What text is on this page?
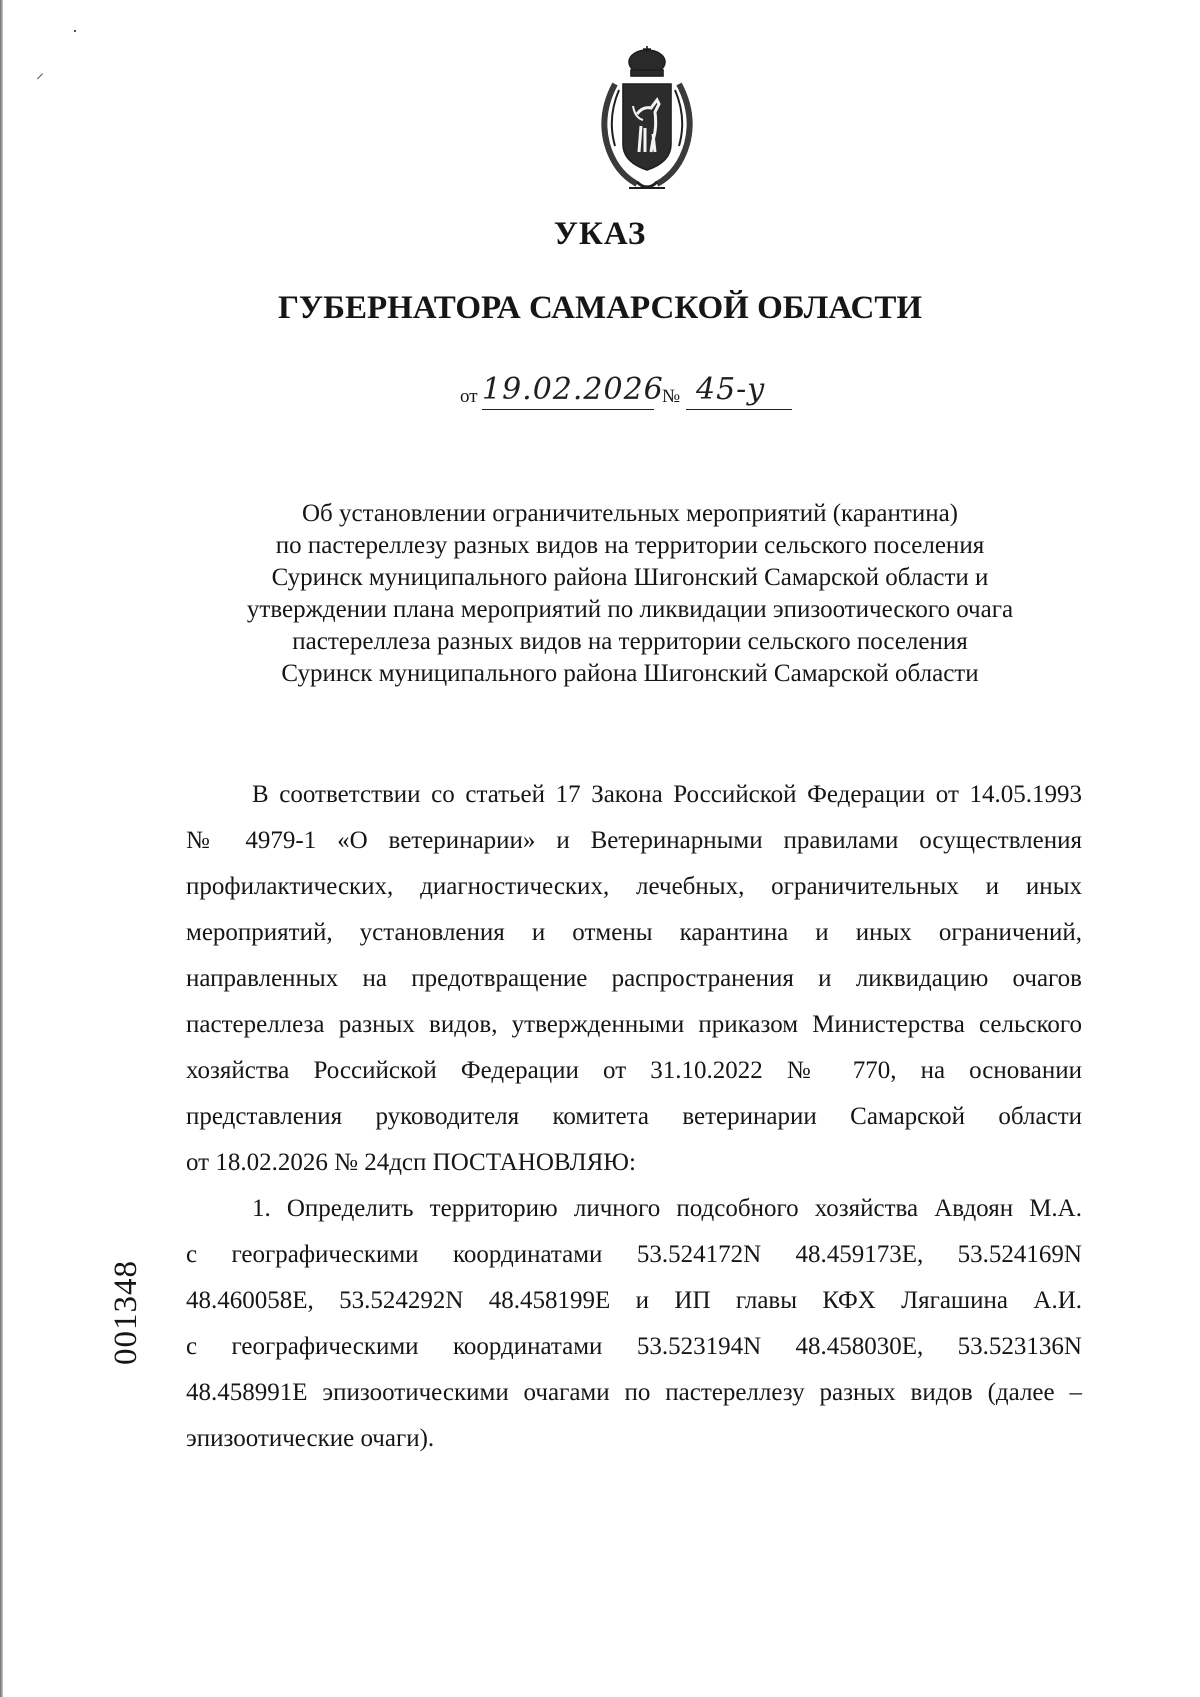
·
⸝
УКАЗ
ГУБЕРНАТОРА САМАРСКОЙ ОБЛАСТИ
от 19.02.2026
№ 45-у
Об установлении ограничительных мероприятий (карантина)
по пастереллезу разных видов на территории сельского поселения
Суринск муниципального района Шигонский Самарской области и
утверждении плана мероприятий по ликвидации эпизоотического очага
пастереллеза разных видов на территории сельского поселения
Суринск муниципального района Шигонский Самарской области
В соответствии со статьей 17 Закона Российской Федерации от 14.05.1993
№ 4979-1 «О ветеринарии» и Ветеринарными правилами осуществления
профилактических, диагностических, лечебных, ограничительных и иных
мероприятий, установления и отмены карантина и иных ограничений,
направленных на предотвращение распространения и ликвидацию очагов
пастереллеза разных видов, утвержденными приказом Министерства сельского
хозяйства Российской Федерации от 31.10.2022 № 770, на основании
представления руководителя комитета ветеринарии Самарской области
от 18.02.2026 № 24дсп ПОСТАНОВЛЯЮ:
1. Определить территорию личного подсобного хозяйства Авдоян М.А.
с географическими координатами 53.524172N 48.459173E, 53.524169N
48.460058E, 53.524292N 48.458199E и ИП главы КФХ Лягашина А.И.
с географическими координатами 53.523194N 48.458030E, 53.523136N
48.458991E эпизоотическими очагами по пастереллезу разных видов (далее –
эпизоотические очаги).
001348
